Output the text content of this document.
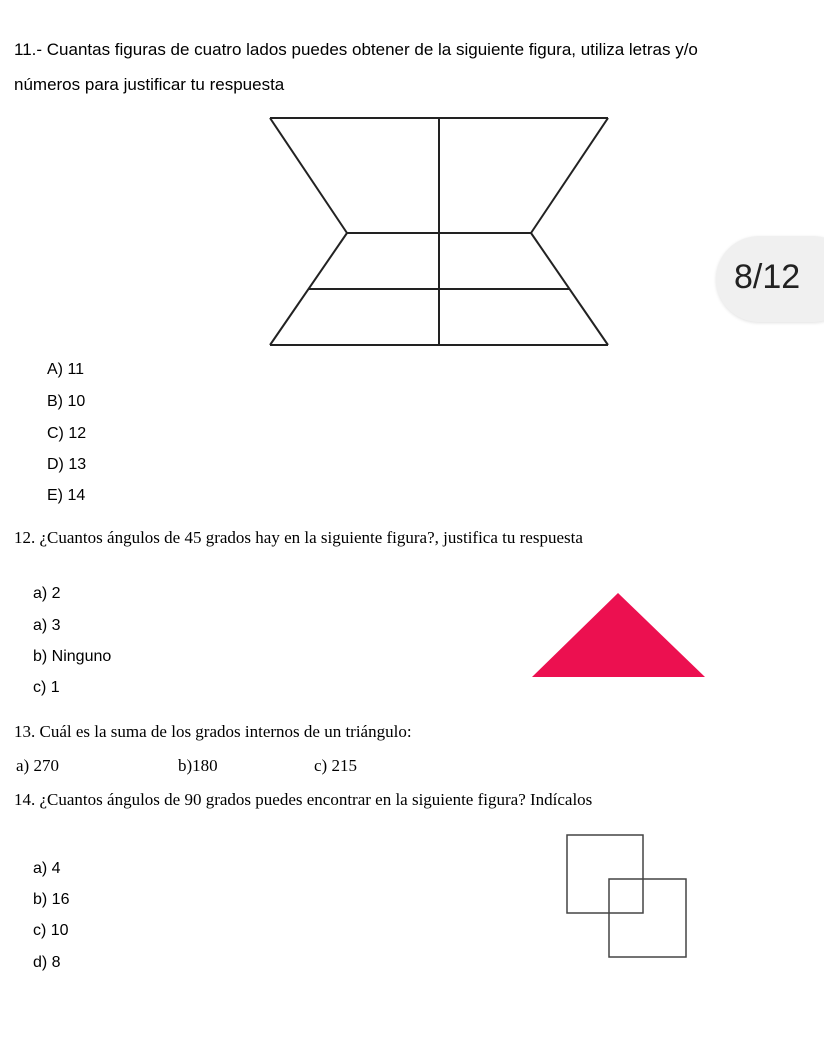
11.- Cuantas figuras de cuatro lados puedes obtener de la siguiente figura, utiliza letras y/o
números para justificar tu respuesta
8/12
A) 11
B) 10
C) 12
D) 13
E) 14
12. ¿Cuantos ángulos de 45 grados hay en la siguiente figura?, justifica tu respuesta
a) 2
a) 3
b) Ninguno
c) 1
13. Cuál es la suma de los grados internos de un triángulo:
a) 270	b)180	c) 215
14. ¿Cuantos ángulos de 90 grados puedes encontrar en la siguiente figura? Indícalos
a) 4
b) 16
c) 10
d) 8
